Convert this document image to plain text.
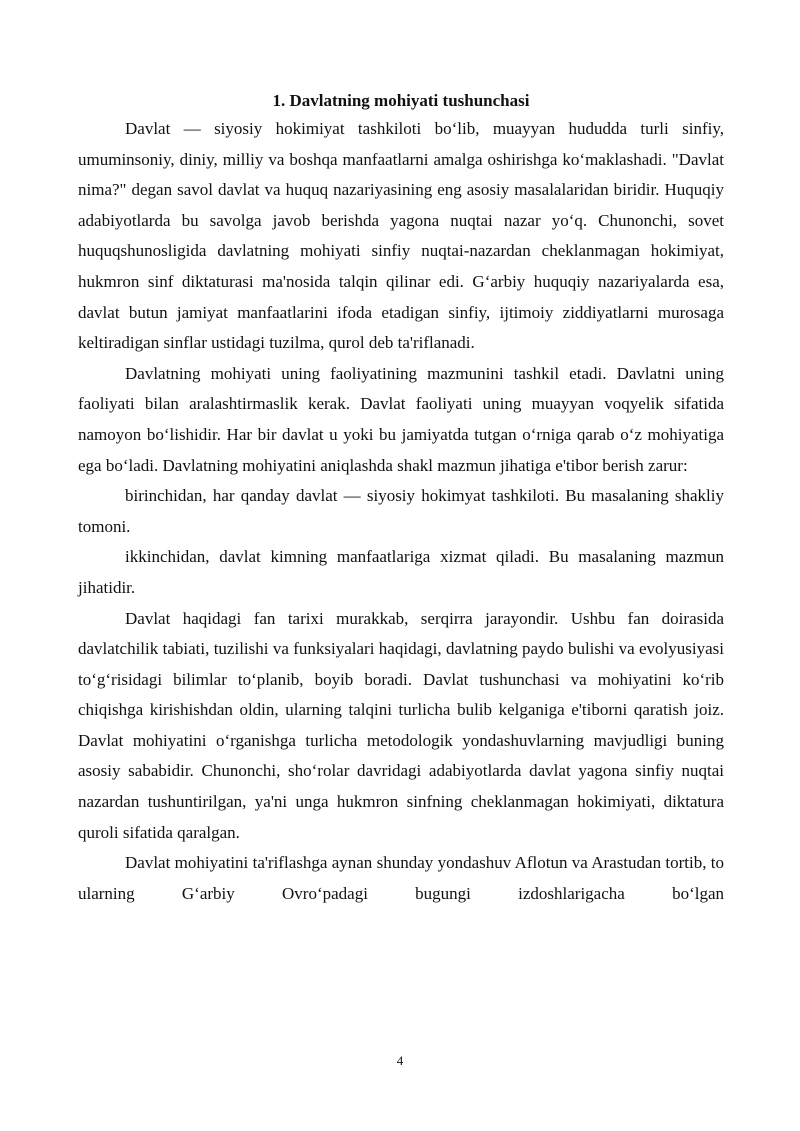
1. Davlatning mohiyati tushunchasi

Davlat — siyosiy hokimiyat tashkiloti bo‘lib, muayyan hududda turli sinfiy, umuminsoniy, diniy, milliy va boshqa manfaatlarni amalga oshirishga ko‘maklashadi. "Davlat nima?" degan savol davlat va huquq nazariyasining eng asosiy masalalaridan biridir. Huquqiy adabiyotlarda bu savolga javob berishda yagona nuqtai nazar yo‘q. Chunonchi, sovet huquqshunosligida davlatning mohiyati sinfiy nuqtai-nazardan cheklanmagan hokimiyat, hukmron sinf diktaturasi ma'nosida talqin qilinar edi. G‘arbiy huquqiy nazariyalarda esa, davlat butun jamiyat manfaatlarini ifoda etadigan sinfiy, ijtimoiy ziddiyatlarni murosaga keltiradigan sinflar ustidagi tuzilma, qurol deb ta'riflanadi.

Davlatning mohiyati uning faoliyatining mazmunini tashkil etadi. Davlatni uning faoliyati bilan aralashtirmaslik kerak. Davlat faoliyati uning muayyan voqyelik sifatida namoyon bo‘lishidir. Har bir davlat u yoki bu jamiyatda tutgan o‘rniga qarab o‘z mohiyatiga ega bo‘ladi. Davlatning mohiyatini aniqlashda shakl mazmun jihatiga e'tibor berish zarur:

birinchidan, har qanday davlat — siyosiy hokimyat tashkiloti. Bu masalaning shakliy tomoni.

ikkinchidan, davlat kimning manfaatlariga xizmat qiladi. Bu masalaning mazmun jihatidir.

Davlat haqidagi fan tarixi murakkab, serqirra jarayondir. Ushbu fan doirasida davlatchilik tabiati, tuzilishi va funksiyalari haqidagi, davlatning paydo bulishi va evolyusiyasi to‘g‘risidagi bilimlar to‘planib, boyib boradi. Davlat tushunchasi va mohiyatini ko‘rib chiqishga kirishishdan oldin, ularning talqini turlicha bulib kelganiga e'tiborni qaratish joiz. Davlat mohiyatini o‘rganishga turlicha metodologik yondashuvlarning mavjudligi buning asosiy sababidir. Chunonchi, sho‘rolar davridagi adabiyotlarda davlat yagona sinfiy nuqtai nazardan tushuntirilgan, ya'ni unga hukmron sinfning cheklanmagan hokimiyati, diktatura quroli sifatida qaralgan.

Davlat mohiyatini ta'riflashga aynan shunday yondashuv Aflotun va Arastudan tortib, to ularning G‘arbiy Ovro‘padagi bugungi izdoshlarigacha bo‘lgan

4
